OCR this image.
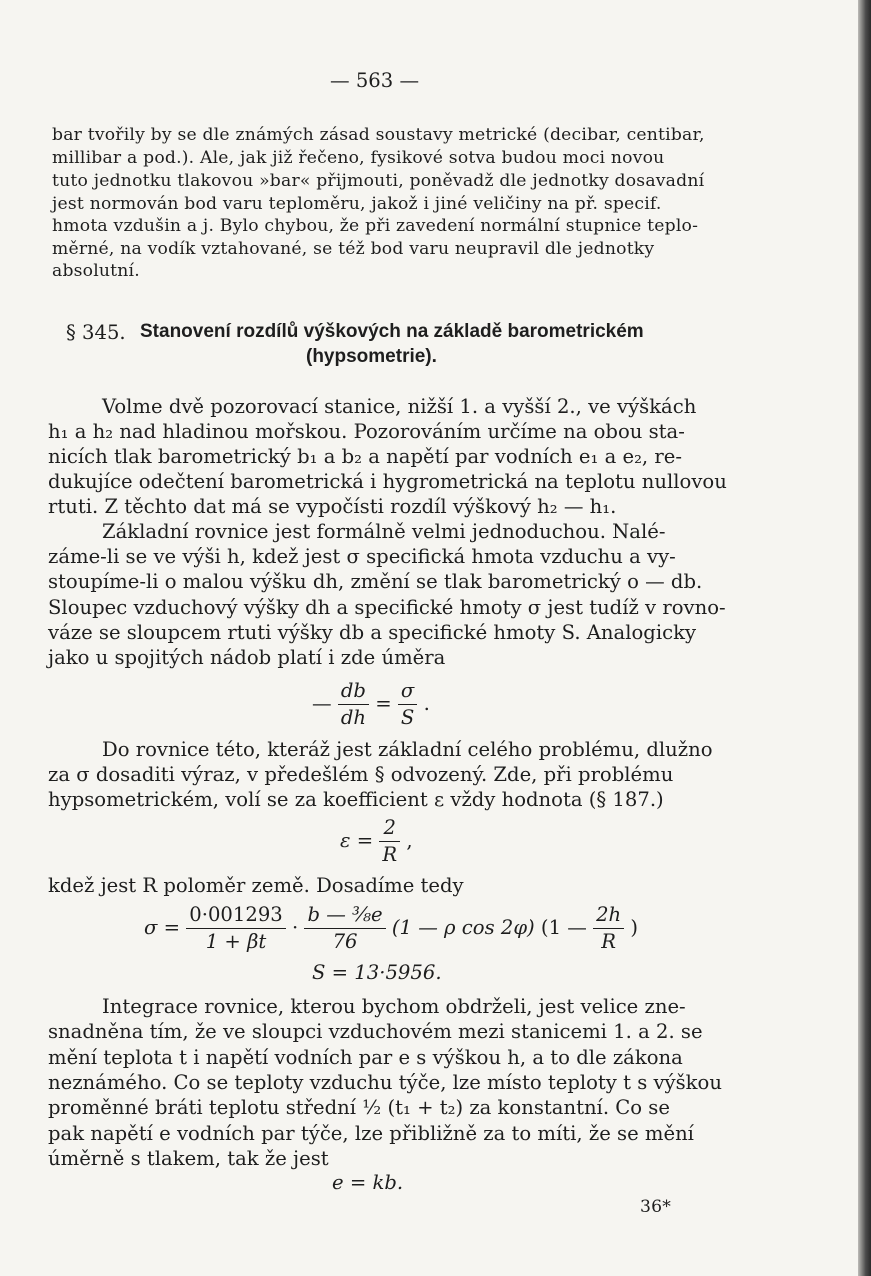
— 563 —
bar tvořily by se dle známých zásad soustavy metrické (decibar, centibar,
millibar a pod.). Ale, jak již řečeno, fysikové sotva budou moci novou
tuto jednotku tlakovou »bar« přijmouti, poněvadž dle jednotky dosavadní
jest normován bod varu teploměru, jakož i jiné veličiny na př. specif.
hmota vzdušin a j. Bylo chybou, že při zavedení normální stupnice teplo-
měrné, na vodík vztahované, se též bod varu neupravil dle jednotky
absolutní.
§ 345. Stanovení rozdílů výškových na základě barometrickém
(hypsometrie).
Volme dvě pozorovací stanice, nižší 1. a vyšší 2., ve výškách
h₁ a h₂ nad hladinou mořskou. Pozorováním určíme na obou sta-
nicích tlak barometrický b₁ a b₂ a napětí par vodních e₁ a e₂, re-
dukujíce odečtení barometrická i hygrometrická na teplotu nullovou
rtuti. Z těchto dat má se vypočísti rozdíl výškový h₂ — h₁.
Základní rovnice jest formálně velmi jednoduchou. Nalé-
záme-li se ve výši h, kdež jest σ specifická hmota vzduchu a vy-
stoupíme-li o malou výšku dh, změní se tlak barometrický o — db.
Sloupec vzduchový výšky dh a specifické hmoty σ jest tudíž v rovno-
váze se sloupcem rtuti výšky db a specifické hmoty S. Analogicky
jako u spojitých nádob platí i zde úměra
— $\frac{db}{dh} = \frac{\sigma}{S}$ .
Do rovnice této, kteráž jest základní celého problému, dlužno
za σ dosaditi výraz, v předešlém § odvozený. Zde, při problému
hypsometrickém, volí se za koefficient ε vždy hodnota (§ 187.)
$\varepsilon = \frac{2}{R}$ ,
kdež jest R poloměr země. Dosadíme tedy
$\sigma = \frac{0\cdot 001293}{1 + \beta t} \cdot \frac{\text{b — ⅜e}}{76} (1$ — ρ cos 2φ) (1 — $\frac{2h}{R}$ )
S = 13·5956.
Integrace rovnice, kterou bychom obdrželi, jest velice zne-
snadněna tím, že ve sloupci vzduchovém mezi stanicemi 1. a 2. se
mění teplota t i napětí vodních par e s výškou h, a to dle zákona
neznámého. Co se teploty vzduchu týče, lze místo teploty t s výškou
proměnné bráti teplotu střední ½ (t₁ + t₂) za konstantní. Co se
pak napětí e vodních par týče, lze přibližně za to míti, že se mění
úměrně s tlakem, tak že jest
e = kb.
36*
